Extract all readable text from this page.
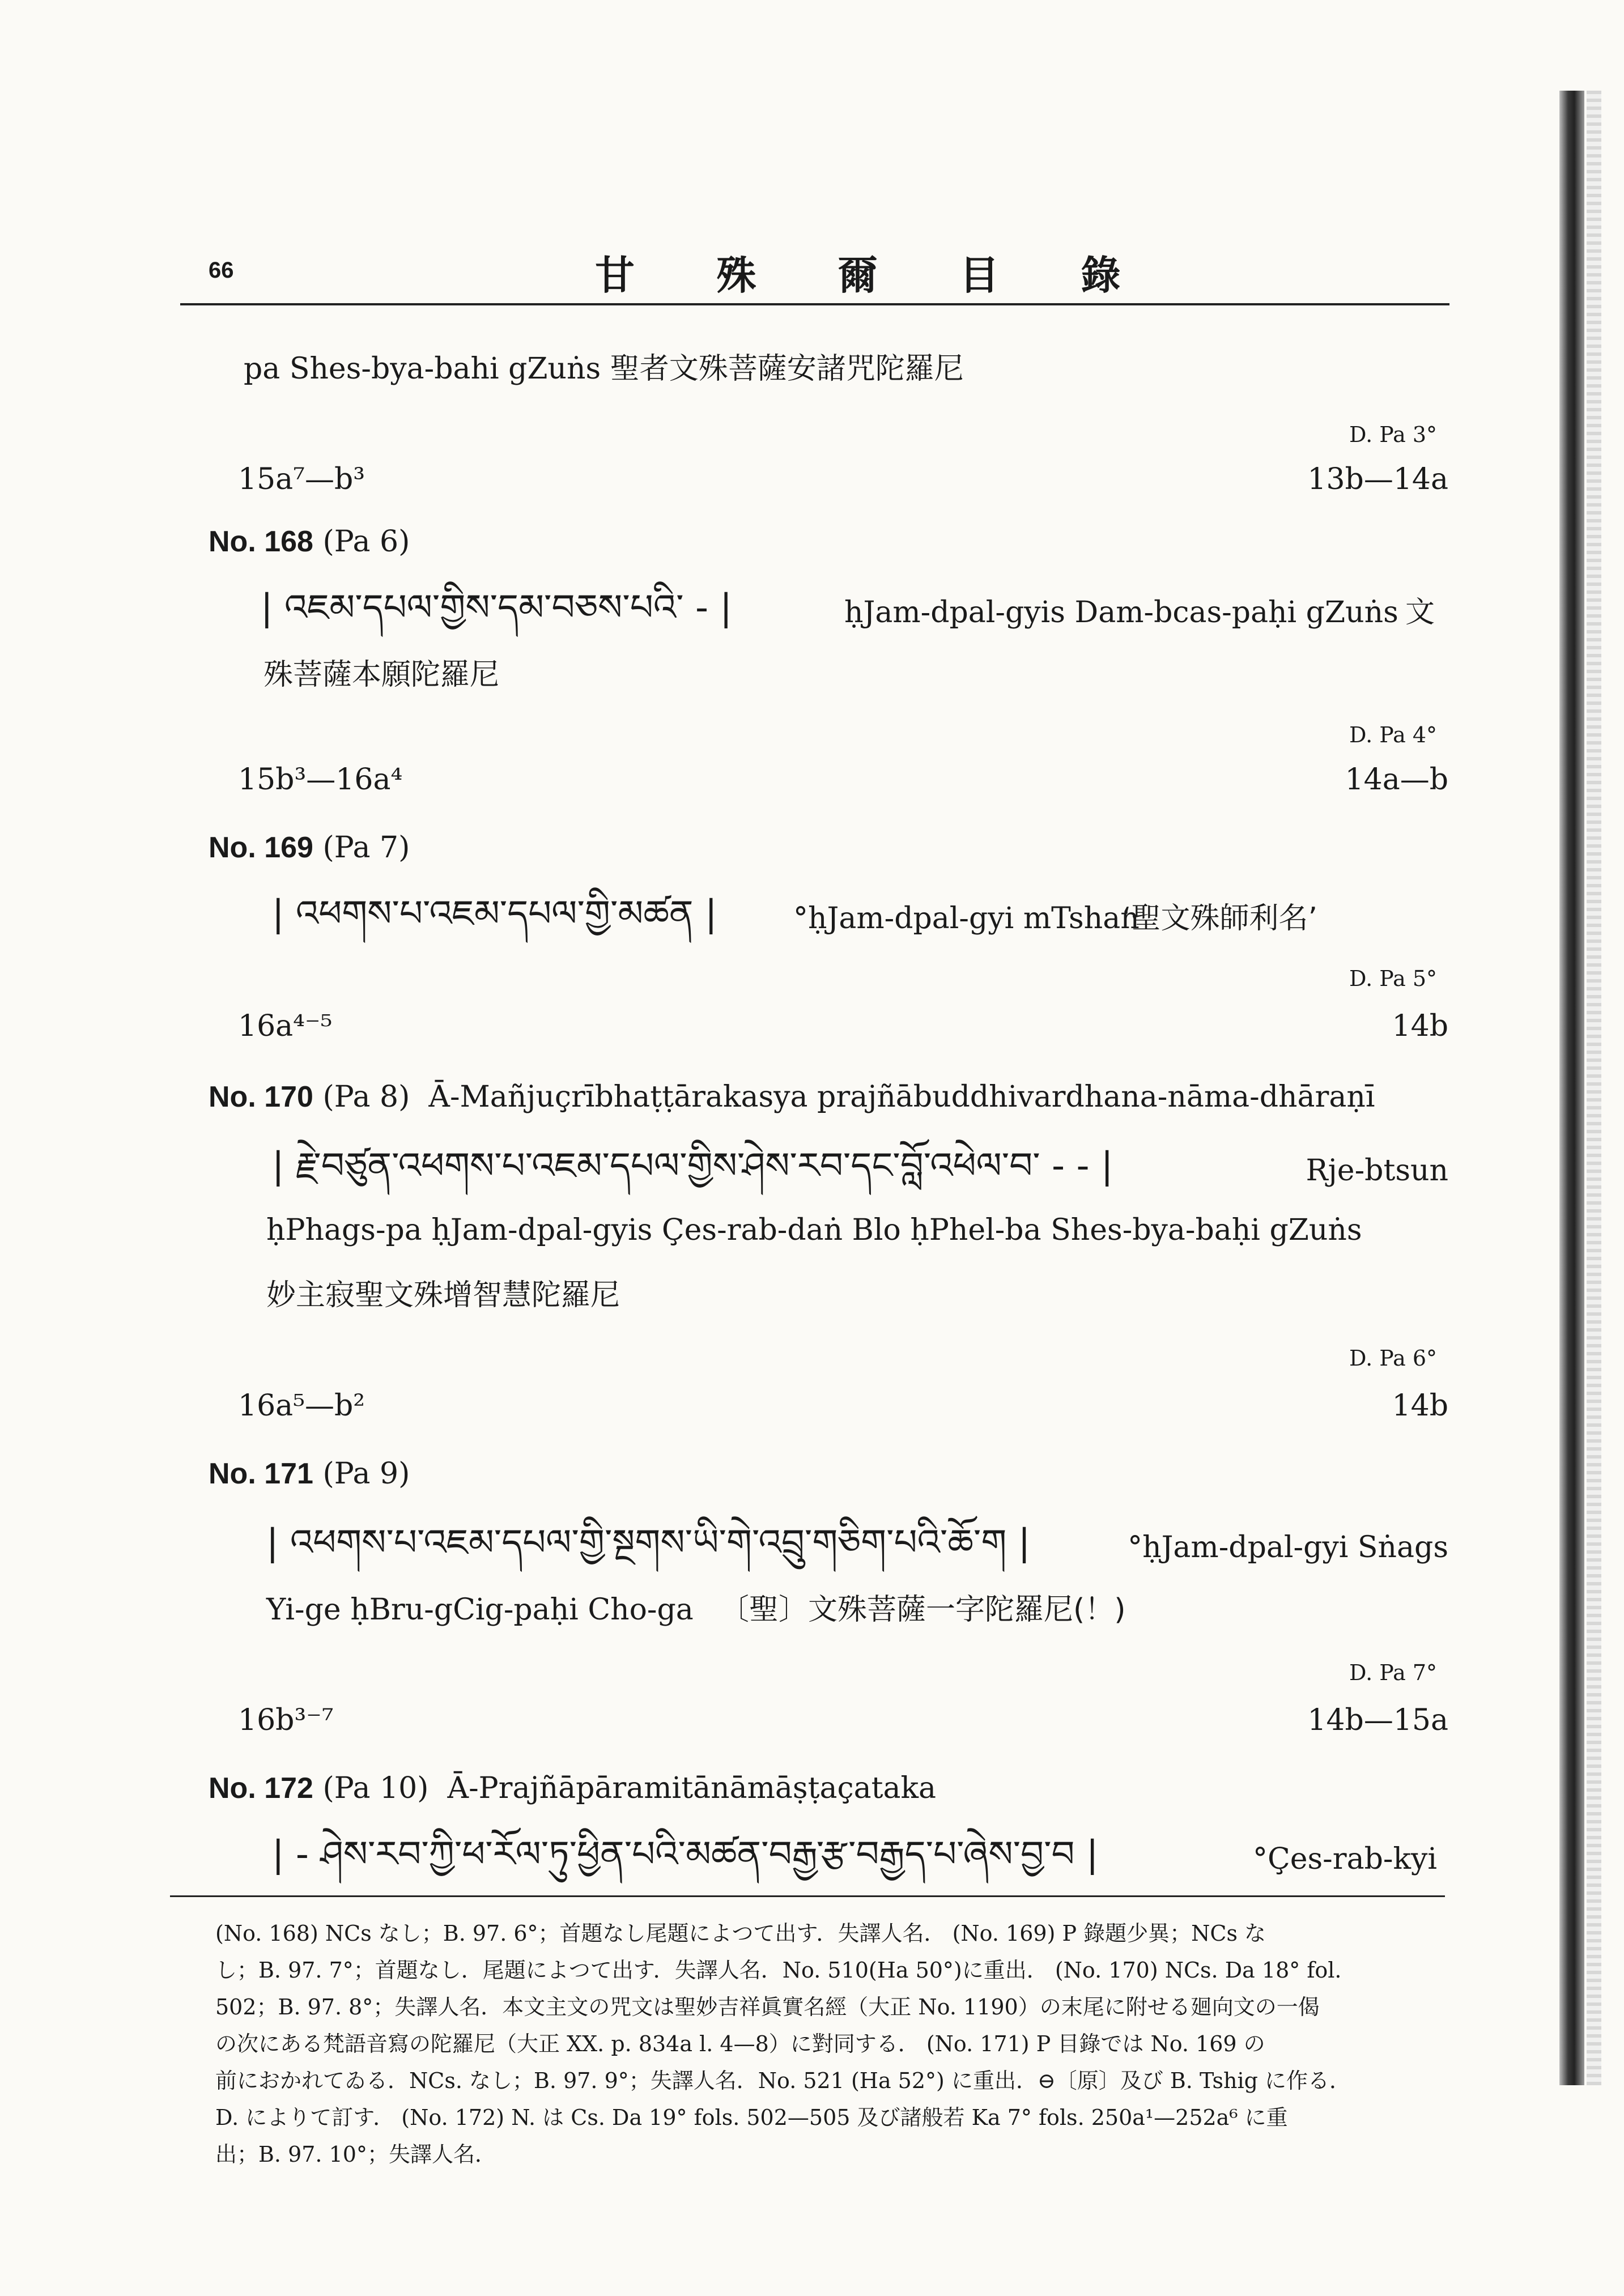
66	甘 殊 爾 目 錄
pa Shes-bya-bahi gZuṅs 聖者文殊菩薩安諸咒陀羅尼
D. Pa 3°
15a⁷—b³	13b—14a
No. 168 (Pa 6)
| འཇམ་དཔལ་གྱིས་དམ་བཅས་པའི་ - |	ḥJam-dpal-gyis Dam-bcas-paḥi gZuṅs 文
殊菩薩本願陀羅尼
D. Pa 4°
15b³—16a⁴	14a—b
No. 169 (Pa 7)
| འཕགས་པ་འཇམ་དཔལ་གྱི་མཚན |	°ḥJam-dpal-gyi mTshan
‘聖文殊師利名’
D. Pa 5°
16a⁴⁻⁵	14b
No. 170 (Pa 8) Ā-Mañjuçrībhaṭṭārakasya prajñābuddhivardhana-nāma-dhāraṇī
| རྗེ་བཙུན་འཕགས་པ་འཇམ་དཔལ་གྱིས་ཤེས་རབ་དང་བློ་འཕེལ་བ་ - - |	Rje-btsun
ḥPhags-pa ḥJam-dpal-gyis Çes-rab-daṅ Blo ḥPhel-ba Shes-bya-baḥi gZuṅs
妙主寂聖文殊增智慧陀羅尼
D. Pa 6°
16a⁵—b²	14b
No. 171 (Pa 9)
| འཕགས་པ་འཇམ་དཔལ་གྱི་སྔགས་ཡི་གེ་འབྲུ་གཅིག་པའི་ཆོ་ག |	°ḥJam-dpal-gyi Sṅags
Yi-ge ḥBru-gCig-paḥi Cho-ga 〔聖〕文殊菩薩一字陀羅尼(！)
D. Pa 7°
16b³⁻⁷	14b—15a
No. 172 (Pa 10) Ā-Prajñāpāramitānāmāṣṭaçataka
| - ཤེས་རབ་ཀྱི་ཕ་རོལ་ཏུ་ཕྱིན་པའི་མཚན་བརྒྱ་རྩ་བརྒྱད་པ་ཞེས་བྱ་བ |	°Çes-rab-kyi
(No. 168) NCs なし；B. 97. 6°；首題なし尾題によつて出す．失譯人名． (No. 169) P 錄題少異；NCs な
し；B. 97. 7°；首題なし．尾題によつて出す．失譯人名．No. 510(Ha 50°)に重出． (No. 170) NCs. Da 18° fol.
502；B. 97. 8°；失譯人名．本文主文の咒文は聖妙吉祥眞實名經（大正 No. 1190）の末尾に附せる廻向文の一偈
の次にある梵語音寫の陀羅尼（大正 XX. p. 834a l. 4—8）に對同する． (No. 171) P 目錄では No. 169 の
前におかれてゐる．NCs. なし；B. 97. 9°；失譯人名．No. 521 (Ha 52°) に重出．⊖〔原〕及び B. Tshig に作る．
D. によりて訂す． (No. 172) N. は Cs. Da 19° fols. 502—505 及び諸般若 Ka 7° fols. 250a¹—252a⁶ に重
出；B. 97. 10°；失譯人名．
